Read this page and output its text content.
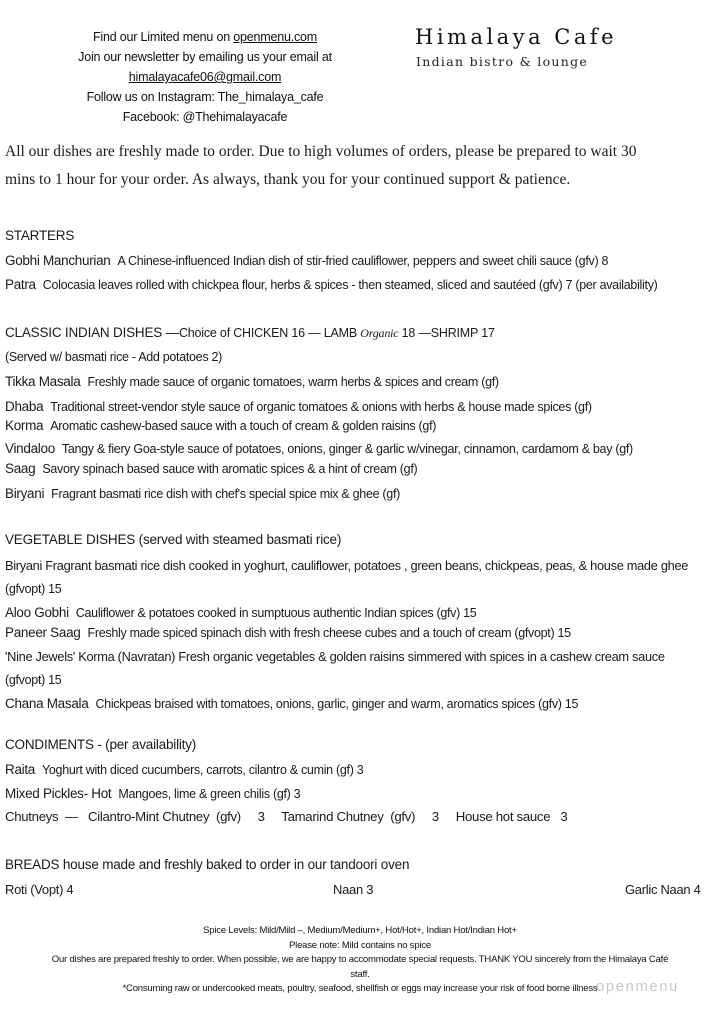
Find our Limited menu on openmenu.com
Join our newsletter by emailing us your email at
himalayacafe06@gmail.com
Follow us on Instagram: The_himalaya_cafe
Facebook: @Thehimalayacafe
Himalaya Cafe
Indian bistro & lounge
All our dishes are freshly made to order. Due to high volumes of orders, please be prepared to wait 30
mins to 1 hour for your order. As always, thank you for your continued support & patience.
STARTERS
Gobhi Manchurian A Chinese-influenced Indian dish of stir-fried cauliflower, peppers and sweet chili sauce (gfv) 8
Patra Colocasia leaves rolled with chickpea flour, herbs & spices - then steamed, sliced and sautéed (gfv) 7 (per availability)
CLASSIC INDIAN DISHES —Choice of CHICKEN 16 — LAMB Organic 18 —SHRIMP 17
(Served w/ basmati rice - Add potatoes 2)
Tikka Masala Freshly made sauce of organic tomatoes, warm herbs & spices and cream (gf)
Dhaba Traditional street-vendor style sauce of organic tomatoes & onions with herbs & house made spices (gf)
Korma Aromatic cashew-based sauce with a touch of cream & golden raisins (gf)
Vindaloo Tangy & fiery Goa-style sauce of potatoes, onions, ginger & garlic w/vinegar, cinnamon, cardamom & bay (gf)
Saag Savory spinach based sauce with aromatic spices & a hint of cream (gf)
Biryani Fragrant basmati rice dish with chef's special spice mix & ghee (gf)
VEGETABLE DISHES (served with steamed basmati rice)
Biryani Fragrant basmati rice dish cooked in yoghurt, cauliflower, potatoes , green beans, chickpeas, peas, & house made ghee
(gfvopt) 15
Aloo Gobhi Cauliflower & potatoes cooked in sumptuous authentic Indian spices (gfv) 15
Paneer Saag Freshly made spiced spinach dish with fresh cheese cubes and a touch of cream (gfvopt) 15
'Nine Jewels' Korma (Navratan) Fresh organic vegetables & golden raisins simmered with spices in a cashew cream sauce
(gfvopt) 15
Chana Masala Chickpeas braised with tomatoes, onions, garlic, ginger and warm, aromatics spices (gfv) 15
CONDIMENTS - (per availability)
Raita Yoghurt with diced cucumbers, carrots, cilantro & cumin (gf) 3
Mixed Pickles- Hot Mangoes, lime & green chilis (gf) 3
Chutneys  —   Cilantro-Mint Chutney  (gfv)     3     Tamarind Chutney  (gfv)     3     House hot sauce   3
BREADS house made and freshly baked to order in our tandoori oven
Roti (Vopt) 4	Naan 3	Garlic Naan 4
Spice Levels: Mild/Mild –, Medium/Medium+, Hot/Hot+, Indian Hot/Indian Hot+
Please note: Mild contains no spice
Our dishes are prepared freshly to order. When possible, we are happy to accommodate special requests. THANK YOU sincerely from the Himalaya Café
staff.
*Consuming raw or undercooked meats, poultry, seafood, shellfish or eggs may increase your risk of food borne illness
openmenu
